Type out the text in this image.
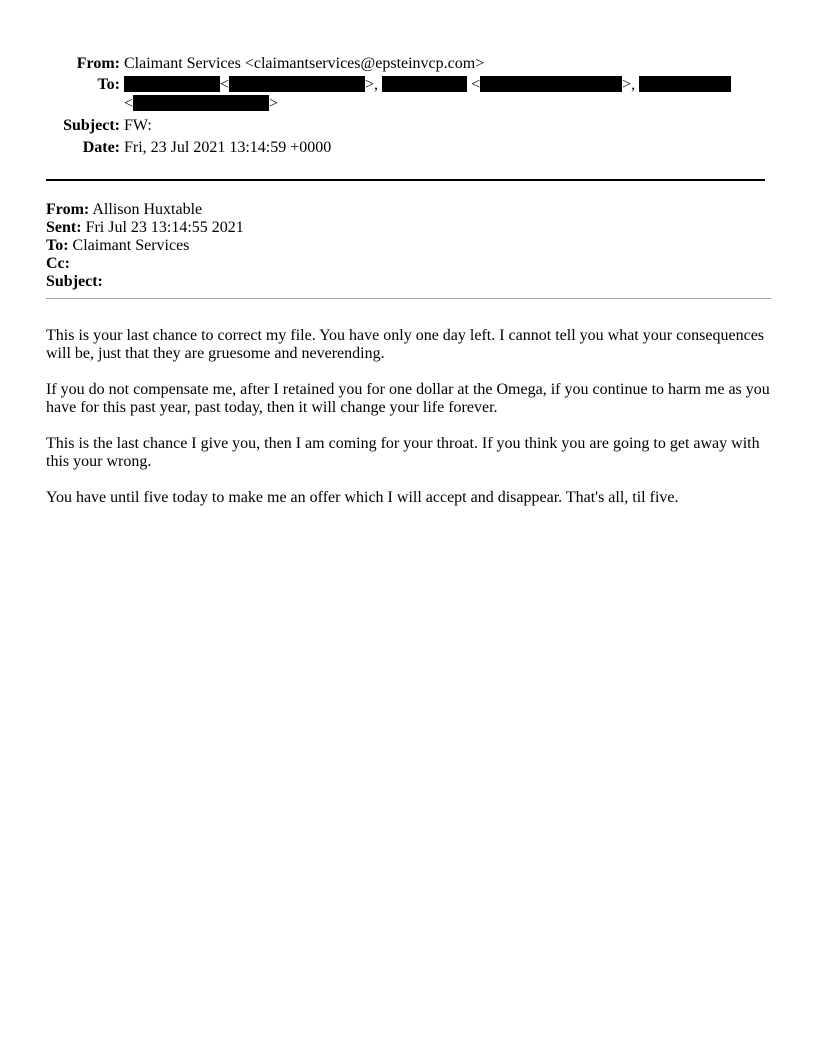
From: Claimant Services <claimantservices@epsteinvcp.com>
To:	<	>,	<	>,
<	>
Subject: FW:
Date: Fri, 23 Jul 2021 13:14:59 +0000
From: Allison Huxtable
Sent: Fri Jul 23 13:14:55 2021
To: Claimant Services
Cc:
Subject:

This is your last chance to correct my file. You have only one day left. I cannot tell you what your consequences will be, just that they are gruesome and neverending.

If you do not compensate me, after I retained you for one dollar at the Omega, if you continue to harm me as you have for this past year, past today, then it will change your life forever.

This is the last chance I give you, then I am coming for your throat. If you think you are going to get away with this your wrong.

You have until five today to make me an offer which I will accept and disappear. That's all, til five.
